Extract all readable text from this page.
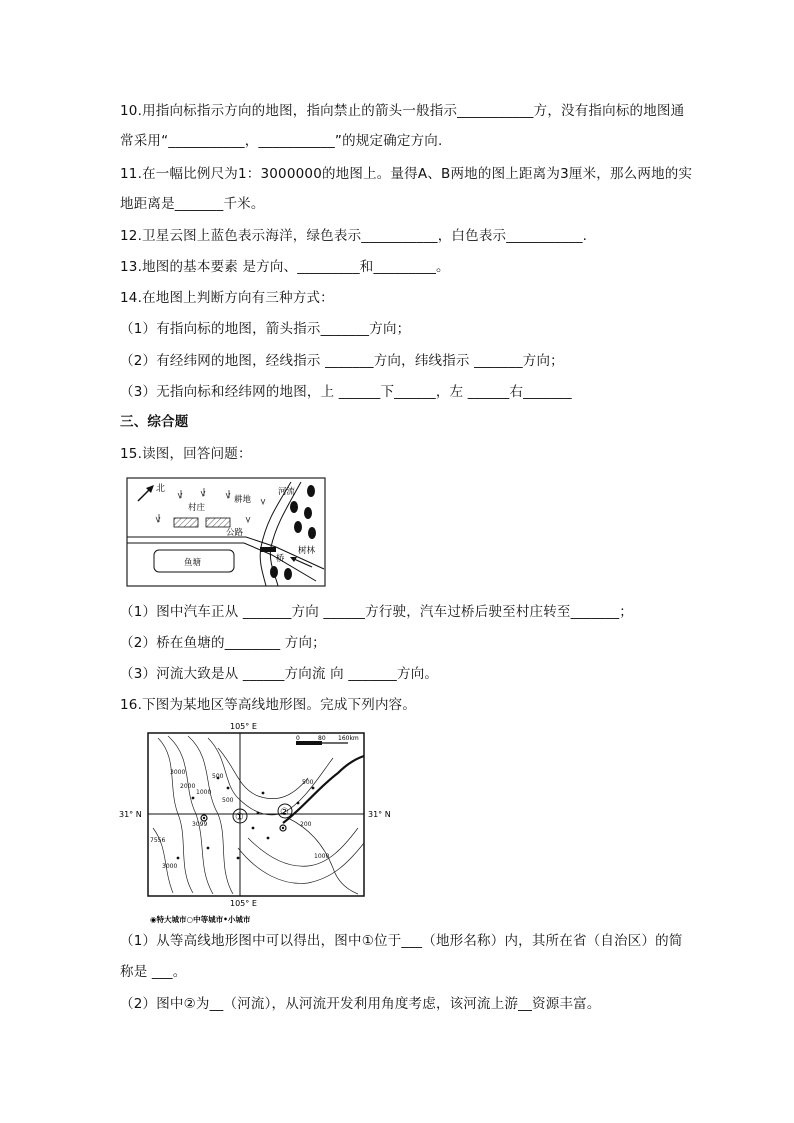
10.用指向标指示方向的地图，指向禁止的箭头一般指示___________方，没有指向标的地图通
常采用“___________，___________”的规定确定方向.
11.在一幅比例尺为1：3000000的地图上。量得A、B两地的图上距离为3厘米，那么两地的实
地距离是_______千米。
12.卫星云图上蓝色表示海洋，绿色表示___________，白色表示___________.
13.地图的基本要素 是方向、_________和_________。
14.在地图上判断方向有三种方式：
（1）有指向标的地图，箭头指示_______方向；
（2）有经纬网的地图，经线指示 _______方向，纬线指示 _______方向；
（3）无指向标和经纬网的地图，上 ______下______，左 ______右_______
三、综合题
15.读图，回答问题：
北
村庄
耕地
河流
公路
桥
树林
鱼塘
（1）图中汽车正从 _______方向 ______方行驶，汽车过桥后驶至村庄转至_______；
（2）桥在鱼塘的________ 方向；
（3）河流大致是从 ______方向流 向 _______方向。
16.下图为某地区等高线地形图。完成下列内容。
105° E
105° E
31° N	31° N
0	80 160km
①	②
3000
2000
1000
500
500
500
200
3099
7556
3000
1000
◉特大城市○中等城市•小城市
（1）从等高线地形图中可以得出，图中①位于___（地形名称）内，其所在省（自治区）的简
称是 ___。
（2）图中②为__（河流），从河流开发利用角度考虑，该河流上游__资源丰富。
